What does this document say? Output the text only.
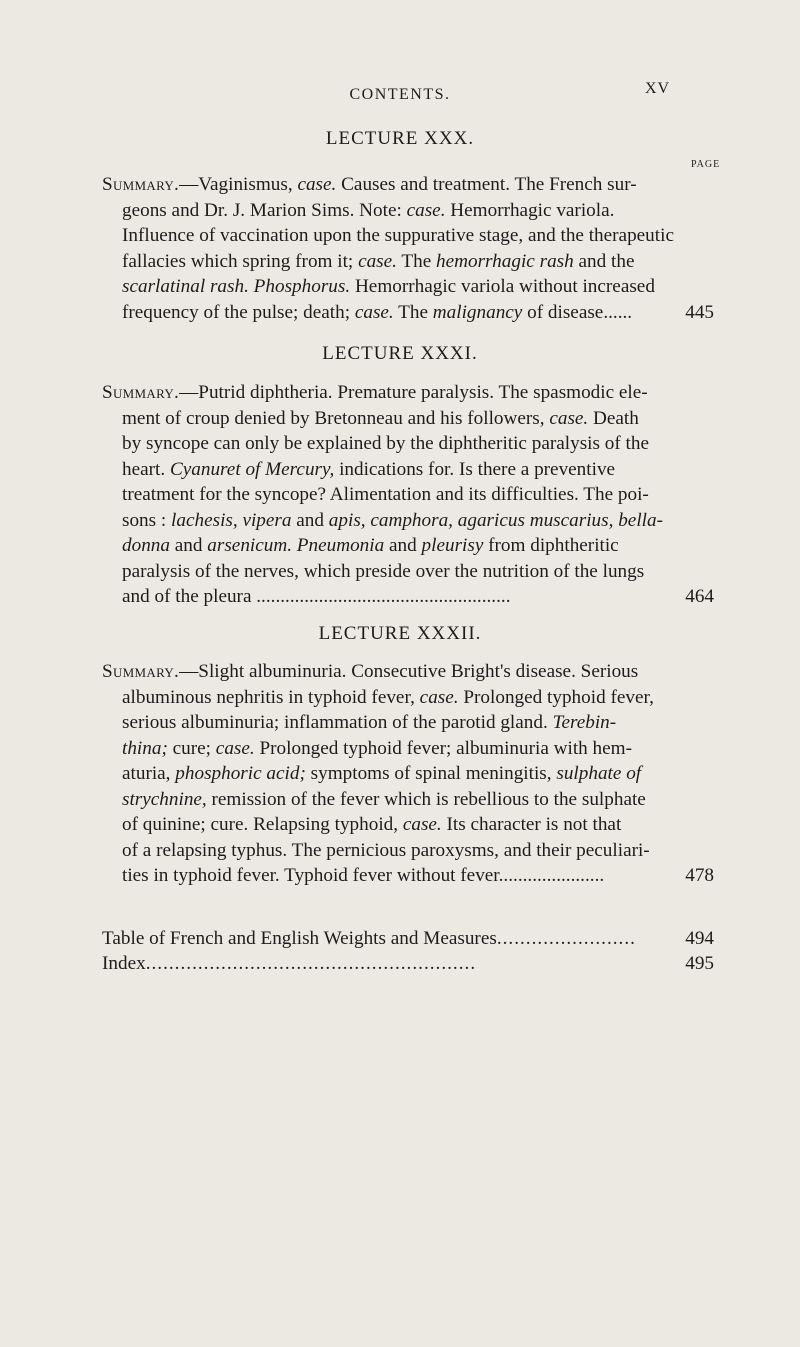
CONTENTS.	XV
LECTURE XXX.
PAGE
Summary.—Vaginismus, case. Causes and treatment. The French sur-
geons and Dr. J. Marion Sims. Note: case. Hemorrhagic variola.
Influence of vaccination upon the suppurative stage, and the therapeutic
fallacies which spring from it; case. The hemorrhagic rash and the
scarlatinal rash. Phosphorus. Hemorrhagic variola without increased
frequency of the pulse; death; case. The malignancy of disease......	445
LECTURE XXXI.
Summary.—Putrid diphtheria. Premature paralysis. The spasmodic ele-
ment of croup denied by Bretonneau and his followers, case. Death
by syncope can only be explained by the diphtheritic paralysis of the
heart. Cyanuret of Mercury, indications for. Is there a preventive
treatment for the syncope? Alimentation and its difficulties. The poi-
sons : lachesis, vipera and apis, camphora, agaricus muscarius, bella-
donna and arsenicum. Pneumonia and pleurisy from diphtheritic
paralysis of the nerves, which preside over the nutrition of the lungs
and of the pleura .....................................................	464
LECTURE XXXII.
Summary.—Slight albuminuria. Consecutive Bright's disease. Serious
albuminous nephritis in typhoid fever, case. Prolonged typhoid fever,
serious albuminuria; inflammation of the parotid gland. Terebin-
thina; cure; case. Prolonged typhoid fever; albuminuria with hem-
aturia, phosphoric acid; symptoms of spinal meningitis, sulphate of
strychnine, remission of the fever which is rebellious to the sulphate
of quinine; cure. Relapsing typhoid, case. Its character is not that
of a relapsing typhus. The pernicious paroxysms, and their peculiari-
ties in typhoid fever. Typhoid fever without fever......................	478
Table of French and English Weights and Measures........................	494
Index.........................................................	495
